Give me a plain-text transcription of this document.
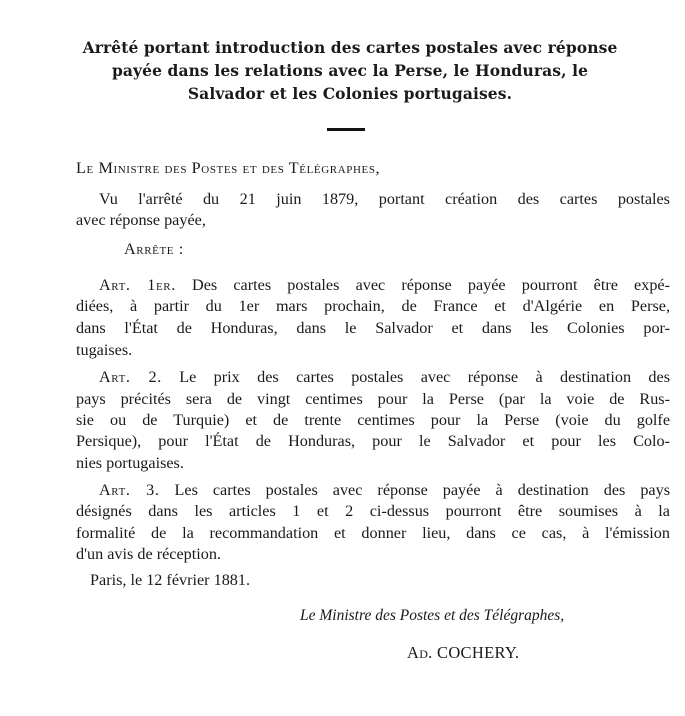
Arrêté portant introduction des cartes postales avec réponse
payée dans les relations avec la Perse, le Honduras, le
Salvador et les Colonies portugaises.
Le Ministre des Postes et des Télégraphes,
Vu l'arrêté du 21 juin 1879, portant création des cartes postales
avec réponse payée,
Arrête :
Art. 1er. Des cartes postales avec réponse payée pourront être expé-
diées, à partir du 1er mars prochain, de France et d'Algérie en Perse,
dans l'État de Honduras, dans le Salvador et dans les Colonies por-
tugaises.
Art. 2. Le prix des cartes postales avec réponse à destination des
pays précités sera de vingt centimes pour la Perse (par la voie de Rus-
sie ou de Turquie) et de trente centimes pour la Perse (voie du golfe
Persique), pour l'État de Honduras, pour le Salvador et pour les Colo-
nies portugaises.
Art. 3. Les cartes postales avec réponse payée à destination des pays
désignés dans les articles 1 et 2 ci-dessus pourront être soumises à la
formalité de la recommandation et donner lieu, dans ce cas, à l'émission
d'un avis de réception.
Paris, le 12 février 1881.
Le Ministre des Postes et des Télégraphes,
Ad. COCHERY.
